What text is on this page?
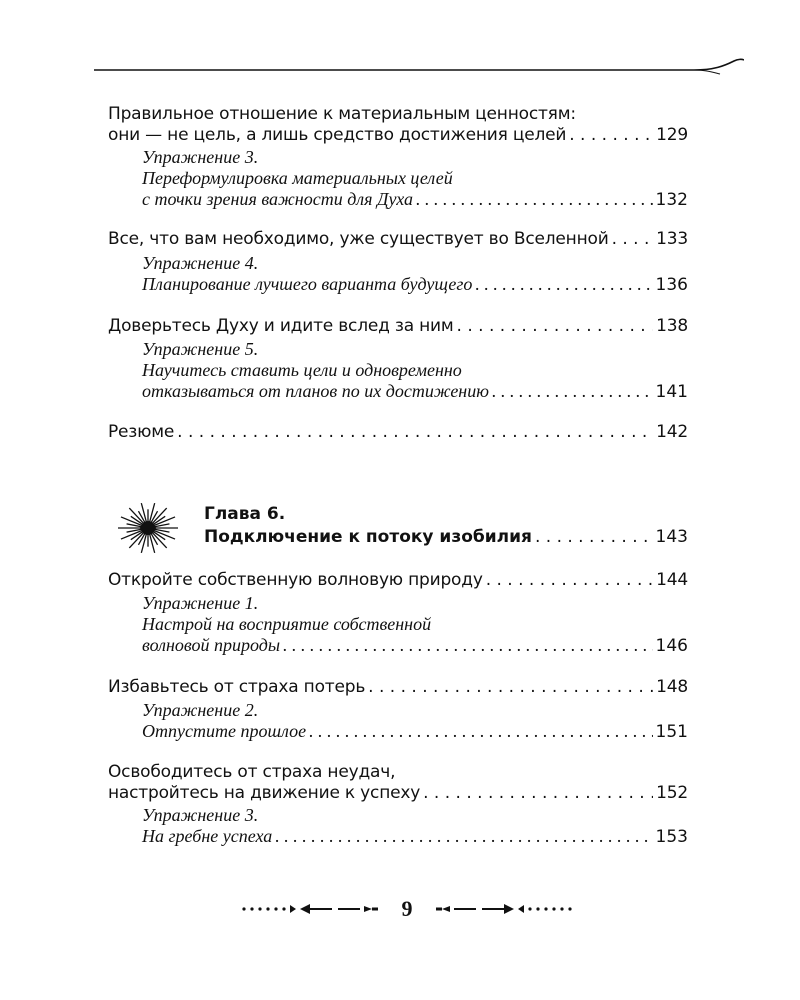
Правильное отношение к материальным ценностям:
они — не цель, а лишь средство достижения целей . . .	129
Упражнение 3.
Переформулировка материальных целей
с точки зрения важности для Духа . . .	132
Все, что вам необходимо, уже существует во Вселенной . . .	133
Упражнение 4.
Планирование лучшего варианта будущего . . .	136
Доверьтесь Духу и идите вслед за ним . . .	138
Упражнение 5.
Научитесь ставить цели и одновременно
отказываться от планов по их достижению . . .	141
Резюме . . .	142
Глава 6.
Подключение к потоку изобилия . . .	143
Откройте собственную волновую природу . . .	144
Упражнение 1.
Настрой на восприятие собственной
волновой природы . . .	146
Избавьтесь от страха потерь . . .	148
Упражнение 2.
Отпустите прошлое . . .	151
Освободитесь от страха неудач,
настройтесь на движение к успеху . . .	152
Упражнение 3.
На гребне успеха . . .	153
9
